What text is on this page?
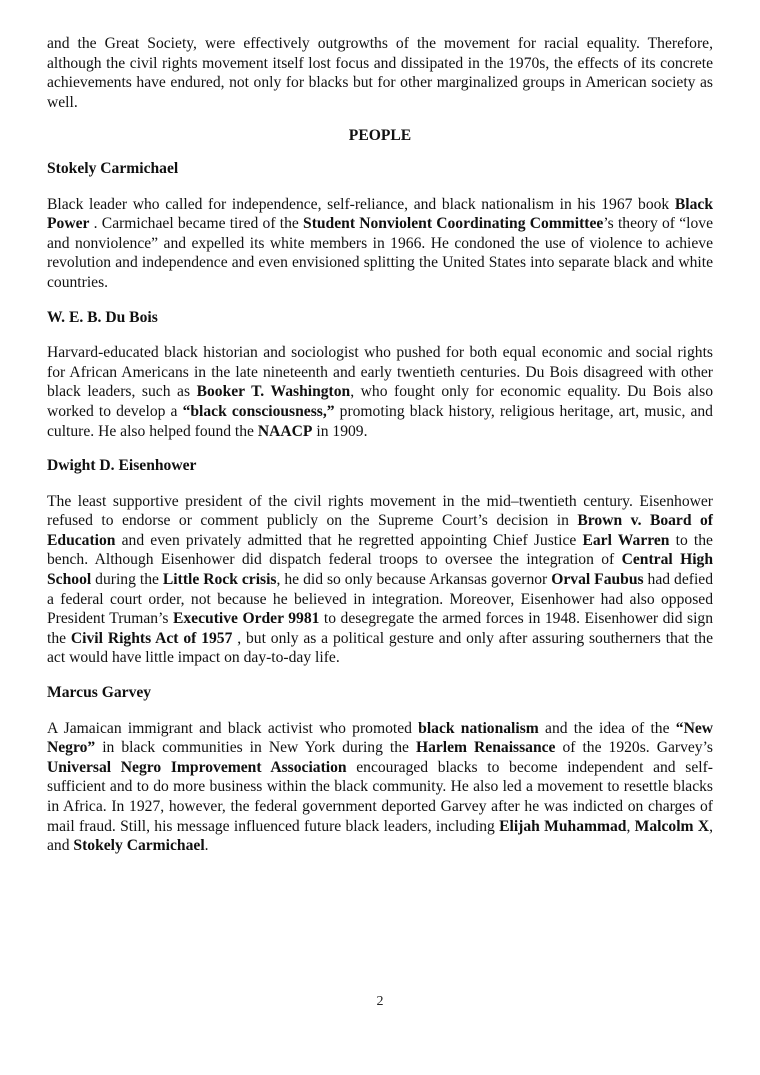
and the Great Society, were effectively outgrowths of the movement for racial equality. Therefore, although the civil rights movement itself lost focus and dissipated in the 1970s, the effects of its concrete achievements have endured, not only for blacks but for other marginalized groups in American society as well.

PEOPLE

Stokely Carmichael

Black leader who called for independence, self-reliance, and black nationalism in his 1967 book Black Power . Carmichael became tired of the Student Nonviolent Coordinating Committee’s theory of “love and nonviolence” and expelled its white members in 1966. He condoned the use of violence to achieve revolution and independence and even envisioned splitting the United States into separate black and white countries.

W. E. B. Du Bois

Harvard-educated black historian and sociologist who pushed for both equal economic and social rights for African Americans in the late nineteenth and early twentieth centuries. Du Bois disagreed with other black leaders, such as Booker T. Washington, who fought only for economic equality. Du Bois also worked to develop a “black consciousness,” promoting black history, religious heritage, art, music, and culture. He also helped found the NAACP in 1909.

Dwight D. Eisenhower

The least supportive president of the civil rights movement in the mid–twentieth century. Eisenhower refused to endorse or comment publicly on the Supreme Court’s decision in Brown v. Board of Education and even privately admitted that he regretted appointing Chief Justice Earl Warren to the bench. Although Eisenhower did dispatch federal troops to oversee the integration of Central High School during the Little Rock crisis, he did so only because Arkansas governor Orval Faubus had defied a federal court order, not because he believed in integration. Moreover, Eisenhower had also opposed President Truman’s Executive Order 9981 to desegregate the armed forces in 1948. Eisenhower did sign the Civil Rights Act of 1957 , but only as a political gesture and only after assuring southerners that the act would have little impact on day-to-day life.

Marcus Garvey

A Jamaican immigrant and black activist who promoted black nationalism and the idea of the “New Negro” in black communities in New York during the Harlem Renaissance of the 1920s. Garvey’s Universal Negro Improvement Association encouraged blacks to become independent and self-sufficient and to do more business within the black community. He also led a movement to resettle blacks in Africa. In 1927, however, the federal government deported Garvey after he was indicted on charges of mail fraud. Still, his message influenced future black leaders, including Elijah Muhammad, Malcolm X, and Stokely Carmichael.

2
